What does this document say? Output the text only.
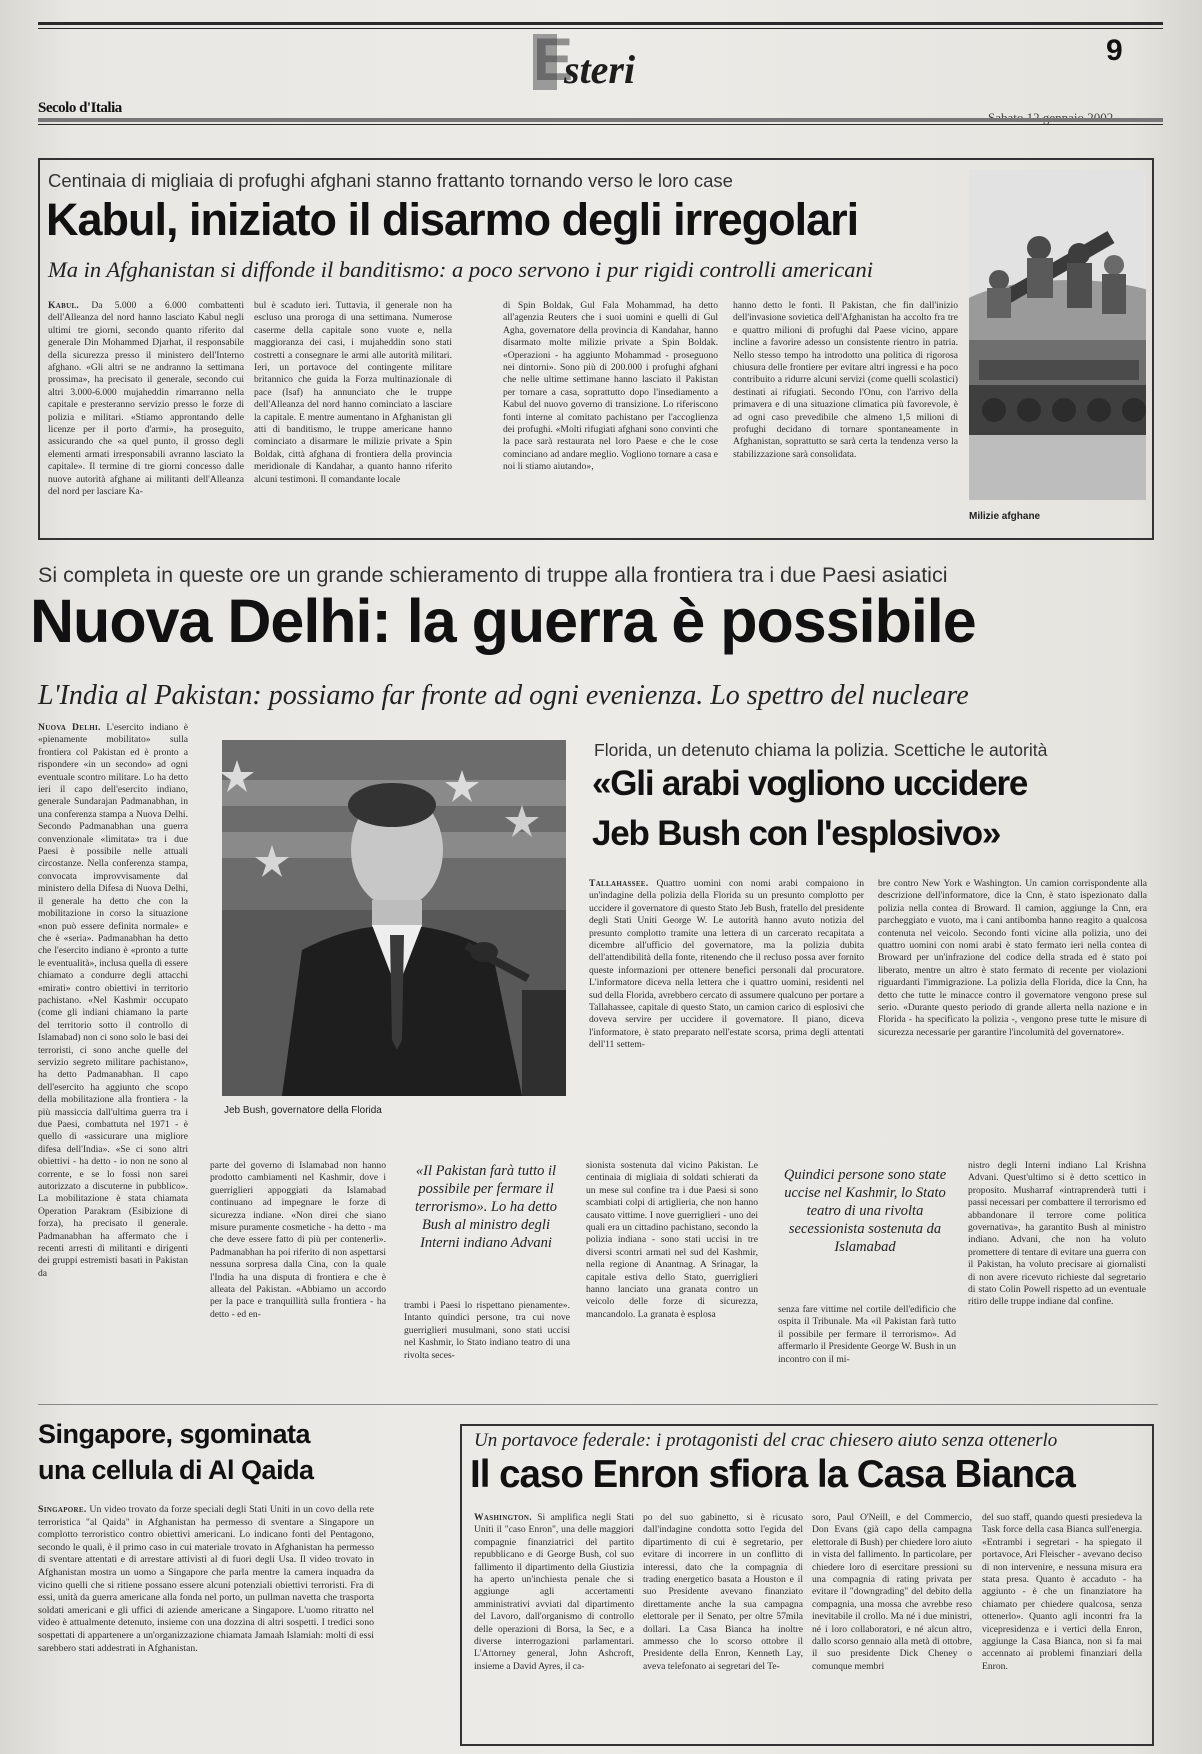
E
steri	9
Secolo d'Italia
Centinaia di migliaia di profughi afghani stanno frattanto tornando verso le loro case
Kabul, iniziato il disarmo degli irregolari
Ma in Afghanistan si diffonde il banditismo: a poco servono i pur rigidi controlli americani
Kabul. Da 5.000 a 6.000 combattenti dell'Alleanza del nord hanno lasciato Kabul negli ultimi tre giorni, secondo quanto riferito dal generale Din Mohammed Djarhat, il responsabile della sicurezza presso il ministero dell'Interno afghano. «Gli altri se ne andranno la settimana prossima», ha precisato il generale, secondo cui altri 3.000-6.000 mujaheddin rimarranno nella capitale e presteranno servizio presso le forze di polizia e militari. «Stiamo approntando delle licenze per il porto d'armi», ha proseguito, assicurando che «a quel punto, il grosso degli elementi armati irresponsabili avranno lasciato la capitale». Il termine di tre giorni concesso dalle nuove autorità afghane ai militanti dell'Alleanza del nord per lasciare Ka-
bul è scaduto ieri. Tuttavia, il generale non ha escluso una proroga di una settimana. Numerose caserme della capitale sono vuote e, nella maggioranza dei casi, i mujaheddin sono stati costretti a consegnare le armi alle autorità militari. Ieri, un portavoce del contingente militare britannico che guida la Forza multinazionale di pace (Isaf) ha annunciato che le truppe dell'Alleanza del nord hanno cominciato a lasciare la capitale. E mentre aumentano in Afghanistan gli atti di banditismo, le truppe americane hanno cominciato a disarmare le milizie private a Spin Boldak, città afghana di frontiera della provincia meridionale di Kandahar, a quanto hanno riferito alcuni testimoni. Il comandante locale
di Spin Boldak, Gul Fala Mohammad, ha detto all'agenzia Reuters che i suoi uomini e quelli di Gul Agha, governatore della provincia di Kandahar, hanno disarmato molte milizie private a Spin Boldak. «Operazioni - ha aggiunto Mohammad - proseguono nei dintorni». Sono più di 200.000 i profughi afghani che nelle ultime settimane hanno lasciato il Pakistan per tornare a casa, soprattutto dopo l'insediamento a Kabul del nuovo governo di transizione. Lo riferiscono fonti interne al comitato pachistano per l'accoglienza dei profughi. «Molti rifugiati afghani sono convinti che la pace sarà restaurata nel loro Paese e che le cose cominciano ad andare meglio. Vogliono tornare a casa e noi li stiamo aiutando»,
hanno detto le fonti. Il Pakistan, che fin dall'inizio dell'invasione sovietica dell'Afghanistan ha accolto fra tre e quattro milioni di profughi dal Paese vicino, appare incline a favorire adesso un consistente rientro in patria. Nello stesso tempo ha introdotto una politica di rigorosa chiusura delle frontiere per evitare altri ingressi e ha poco contribuito a ridurre alcuni servizi (come quelli scolastici) destinati ai rifugiati. Secondo l'Onu, con l'arrivo della primavera e di una situazione climatica più favorevole, è ad ogni caso prevedibile che almeno 1,5 milioni di profughi decidano di tornare spontaneamente in Afghanistan, soprattutto se sarà certa la tendenza verso la stabilizzazione sarà consolidata.
Milizie afghane
Si completa in queste ore un grande schieramento di truppe alla frontiera tra i due Paesi asiatici
Nuova Delhi: la guerra è possibile
L'India al Pakistan: possiamo far fronte ad ogni evenienza. Lo spettro del nucleare
Nuova Delhi. L'esercito indiano è «pienamente mobilitato» sulla frontiera col Pakistan ed è pronto a rispondere «in un secondo» ad ogni eventuale scontro militare. Lo ha detto ieri il capo dell'esercito indiano, generale Sundarajan Padmanabhan, in una conferenza stampa a Nuova Delhi. Secondo Padmanabhan una guerra convenzionale «limitata» tra i due Paesi è possibile nelle attuali circostanze. Nella conferenza stampa, convocata improvvisamente dal ministero della Difesa di Nuova Delhi, il generale ha detto che con la mobilitazione in corso la situazione «non può essere definita normale» e che è «seria». Padmanabhan ha detto che l'esercito indiano è «pronto a tutte le eventualità», inclusa quella di essere chiamato a condurre degli attacchi «mirati» contro obiettivi in territorio pachistano. «Nel Kashmir occupato (come gli indiani chiamano la parte del territorio sotto il controllo di Islamabad) non ci sono solo le basi dei terroristi, ci sono anche quelle del servizio segreto militare pachistano», ha detto Padmanabhan. Il capo dell'esercito ha aggiunto che scopo della mobilitazione alla frontiera - la più massiccia dall'ultima guerra tra i due Paesi, combattuta nel 1971 - è quello di «assicurare una migliore difesa dell'India». «Se ci sono altri obiettivi - ha detto - io non ne sono al corrente, e se lo fossi non sarei autorizzato a discuterne in pubblico». La mobilitazione è stata chiamata Operation Parakram (Esibizione di forza), ha precisato il generale. Padmanabhan ha affermato che i recenti arresti di militanti e dirigenti dei gruppi estremisti basati in Pakistan da
Jeb Bush, governatore della Florida
Florida, un detenuto chiama la polizia. Scettiche le autorità
«Gli arabi vogliono uccidere
Jeb Bush con l'esplosivo»
Tallahassee. Quattro uomini con nomi arabi compaiono in un'indagine della polizia della Florida su un presunto complotto per uccidere il governatore di questo Stato Jeb Bush, fratello del presidente degli Stati Uniti George W. Le autorità hanno avuto notizia del presunto complotto tramite una lettera di un carcerato recapitata a dicembre all'ufficio del governatore, ma la polizia dubita dell'attendibilità della fonte, ritenendo che il recluso possa aver fornito queste informazioni per ottenere benefici personali dal procuratore. L'informatore diceva nella lettera che i quattro uomini, residenti nel sud della Florida, avrebbero cercato di assumere qualcuno per portare a Tallahassee, capitale di questo Stato, un camion carico di esplosivi che doveva servire per uccidere il governatore. Il piano, diceva l'informatore, è stato preparato nell'estate scorsa, prima degli attentati dell'11 settem-
bre contro New York e Washington. Un camion corrispondente alla descrizione dell'informatore, dice la Cnn, è stato ispezionato dalla polizia nella contea di Broward. Il camion, aggiunge la Cnn, era parcheggiato e vuoto, ma i cani antibomba hanno reagito a qualcosa contenuta nel veicolo. Secondo fonti vicine alla polizia, uno dei quattro uomini con nomi arabi è stato fermato ieri nella contea di Broward per un'infrazione del codice della strada ed è stato poi liberato, mentre un altro è stato fermato di recente per violazioni riguardanti l'immigrazione. La polizia della Florida, dice la Cnn, ha detto che tutte le minacce contro il governatore vengono prese sul serio. «Durante questo periodo di grande allerta nella nazione e in Florida - ha specificato la polizia -, vengono prese tutte le misure di sicurezza necessarie per garantire l'incolumità del governatore».
parte del governo di Islamabad non hanno prodotto cambiamenti nel Kashmir, dove i guerriglieri appoggiati da Islamabad continuano ad impegnare le forze di sicurezza indiane. «Non direi che siano misure puramente cosmetiche - ha detto - ma che deve essere fatto di più per contenerli». Padmanabhan ha poi riferito di non aspettarsi nessuna sorpresa dalla Cina, con la quale l'India ha una disputa di frontiera e che è alleata del Pakistan. «Abbiamo un accordo per la pace e tranquillità sulla frontiera - ha detto - ed en-
«Il Pakistan farà tutto il possibile per fermare il terrorismo». Lo ha detto Bush al ministro degli Interni indiano Advani
trambi i Paesi lo rispettano pienamente». Intanto quindici persone, tra cui nove guerriglieri musulmani, sono stati uccisi nel Kashmir, lo Stato indiano teatro di una rivolta seces-
sionista sostenuta dal vicino Pakistan. Le centinaia di migliaia di soldati schierati da un mese sul confine tra i due Paesi si sono scambiati colpi di artiglieria, che non hanno causato vittime. I nove guerriglieri - uno dei quali era un cittadino pachistano, secondo la polizia indiana - sono stati uccisi in tre diversi scontri armati nel sud del Kashmir, nella regione di Anantnag. A Srinagar, la capitale estiva dello Stato, guerriglieri hanno lanciato una granata contro un veicolo delle forze di sicurezza, mancandolo. La granata è esplosa
Quindici persone sono state uccise nel Kashmir, lo Stato teatro di una rivolta secessionista sostenuta da Islamabad
senza fare vittime nel cortile dell'edificio che ospita il Tribunale. Ma «il Pakistan farà tutto il possibile per fermare il terrorismo». Ad affermarlo il Presidente George W. Bush in un incontro con il mi-
nistro degli Interni indiano Lal Krishna Advani. Quest'ultimo si è detto scettico in proposito. Musharraf «intraprenderà tutti i passi necessari per combattere il terrorismo ed abbandonare il terrore come politica governativa», ha garantito Bush al ministro indiano. Advani, che non ha voluto promettere di tentare di evitare una guerra con il Pakistan, ha voluto precisare ai giornalisti di non avere ricevuto richieste dal segretario di stato Colin Powell rispetto ad un eventuale ritiro delle truppe indiane dal confine.
Singapore, sgominata
una cellula di Al Qaida
Singapore. Un video trovato da forze speciali degli Stati Uniti in un covo della rete terroristica "al Qaida" in Afghanistan ha permesso di sventare a Singapore un complotto terroristico contro obiettivi americani. Lo indicano fonti del Pentagono, secondo le quali, è il primo caso in cui materiale trovato in Afghanistan ha permesso di sventare attentati e di arrestare attivisti al di fuori degli Usa. Il video trovato in Afghanistan mostra un uomo a Singapore che parla mentre la camera inquadra da vicino quelli che si ritiene possano essere alcuni potenziali obiettivi terroristi. Fra di essi, unità da guerra americane alla fonda nel porto, un pullman navetta che trasporta soldati americani e gli uffici di aziende americane a Singapore. L'uomo ritratto nel video è attualmente detenuto, insieme con una dozzina di altri sospetti. I tredici sono sospettati di appartenere a un'organizzazione chiamata Jamaah Islamiah: molti di essi sarebbero stati addestrati in Afghanistan.
Un portavoce federale: i protagonisti del crac chiesero aiuto senza ottenerlo
Il caso Enron sfiora la Casa Bianca
Washington. Si amplifica negli Stati Uniti il "caso Enron", una delle maggiori compagnie finanziatrici del partito repubblicano e di George Bush, col suo fallimento il dipartimento della Giustizia ha aperto un'inchiesta penale che si aggiunge agli accertamenti amministrativi avviati dal dipartimento del Lavoro, dall'organismo di controllo delle operazioni di Borsa, la Sec, e a diverse interrogazioni parlamentari. L'Attorney general, John Ashcroft, insieme a David Ayres, il ca-
po del suo gabinetto, si è ricusato dall'indagine condotta sotto l'egida del dipartimento di cui è segretario, per evitare di incorrere in un conflitto di interessi, dato che la compagnia di trading energetico basata a Houston e il suo Presidente avevano finanziato direttamente anche la sua campagna elettorale per il Senato, per oltre 57mila dollari. La Casa Bianca ha inoltre ammesso che lo scorso ottobre il Presidente della Enron, Kenneth Lay, aveva telefonato ai segretari del Te-
soro, Paul O'Neill, e del Commercio, Don Evans (già capo della campagna elettorale di Bush) per chiedere loro aiuto in vista del fallimento. In particolare, per chiedere loro di esercitare pressioni su una compagnia di rating privata per evitare il "downgrading" del debito della compagnia, una mossa che avrebbe reso inevitabile il crollo. Ma né i due ministri, né i loro collaboratori, e né alcun altro, dallo scorso gennaio alla metà di ottobre, il suo presidente Dick Cheney o comunque membri
del suo staff, quando questi presiedeva la Task force della casa Bianca sull'energia. «Entrambi i segretari - ha spiegato il portavoce, Ari Fleischer - avevano deciso di non intervenire, e nessuna misura era stata presa. Quanto è accaduto - ha aggiunto - è che un finanziatore ha chiamato per chiedere qualcosa, senza ottenerlo». Quanto agli incontri fra la vicepresidenza e i vertici della Enron, aggiunge la Casa Bianca, non si fa mai accennato ai problemi finanziari della Enron.
